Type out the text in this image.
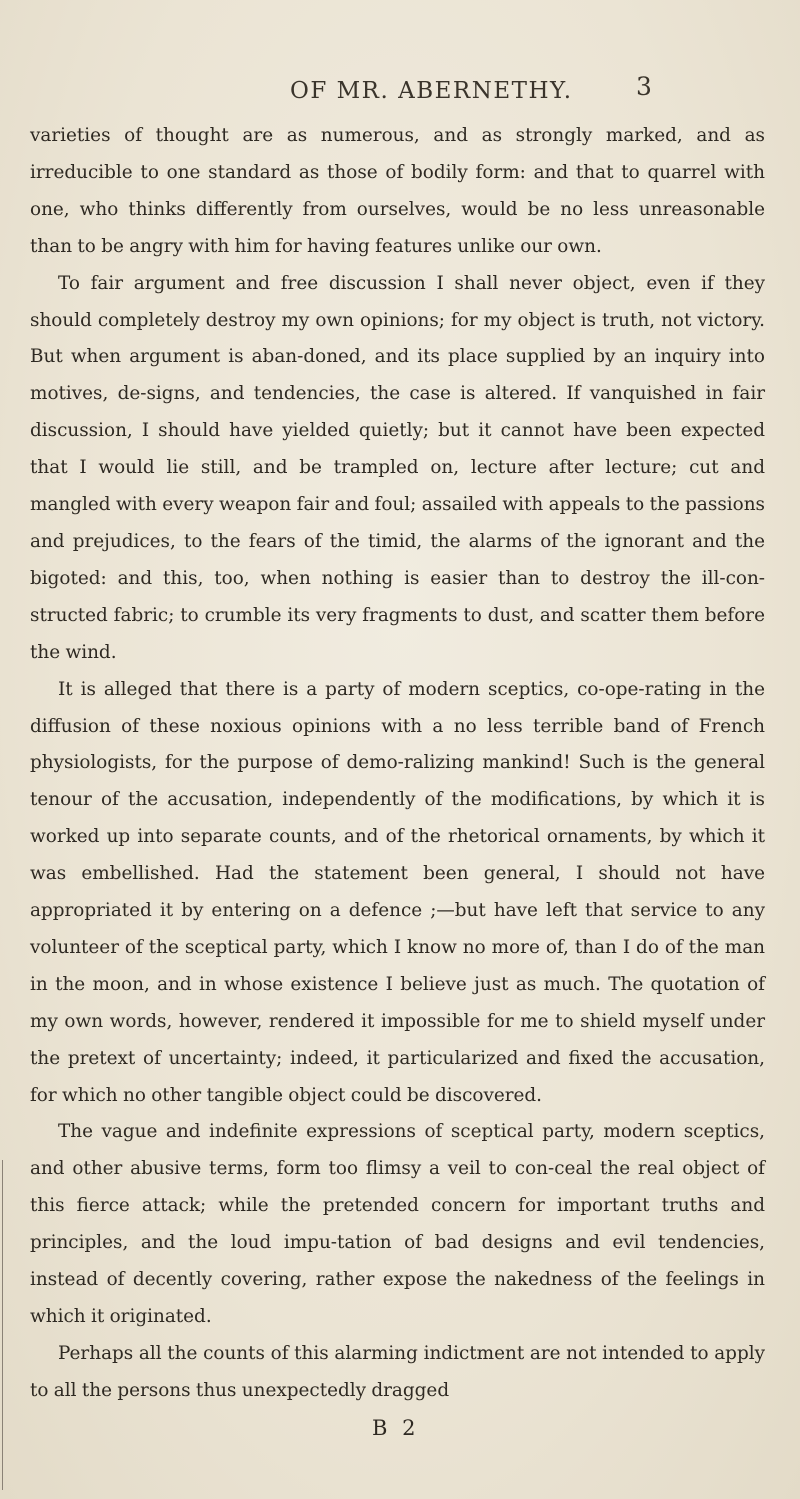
OF MR. ABERNETHY.	3

varieties of thought are as numerous, and as strongly marked, and as irreducible to one standard as those of bodily form: and that to quarrel with one, who thinks differently from ourselves, would be no less unreasonable than to be angry with him for having features unlike our own.

To fair argument and free discussion I shall never object, even if they should completely destroy my own opinions; for my object is truth, not victory. But when argument is aban-doned, and its place supplied by an inquiry into motives, de-signs, and tendencies, the case is altered. If vanquished in fair discussion, I should have yielded quietly; but it cannot have been expected that I would lie still, and be trampled on, lecture after lecture; cut and mangled with every weapon fair and foul; assailed with appeals to the passions and prejudices, to the fears of the timid, the alarms of the ignorant and the bigoted: and this, too, when nothing is easier than to destroy the ill-con-structed fabric; to crumble its very fragments to dust, and scatter them before the wind.

It is alleged that there is a party of modern sceptics, co-ope-rating in the diffusion of these noxious opinions with a no less terrible band of French physiologists, for the purpose of demo-ralizing mankind! Such is the general tenour of the accusation, independently of the modifications, by which it is worked up into separate counts, and of the rhetorical ornaments, by which it was embellished. Had the statement been general, I should not have appropriated it by entering on a defence ;—but have left that service to any volunteer of the sceptical party, which I know no more of, than I do of the man in the moon, and in whose existence I believe just as much. The quotation of my own words, however, rendered it impossible for me to shield myself under the pretext of uncertainty; indeed, it particularized and fixed the accusation, for which no other tangible object could be discovered.

The vague and indefinite expressions of sceptical party, modern sceptics, and other abusive terms, form too flimsy a veil to con-ceal the real object of this fierce attack; while the pretended concern for important truths and principles, and the loud impu-tation of bad designs and evil tendencies, instead of decently covering, rather expose the nakedness of the feelings in which it originated.

Perhaps all the counts of this alarming indictment are not intended to apply to all the persons thus unexpectedly dragged

B 2
